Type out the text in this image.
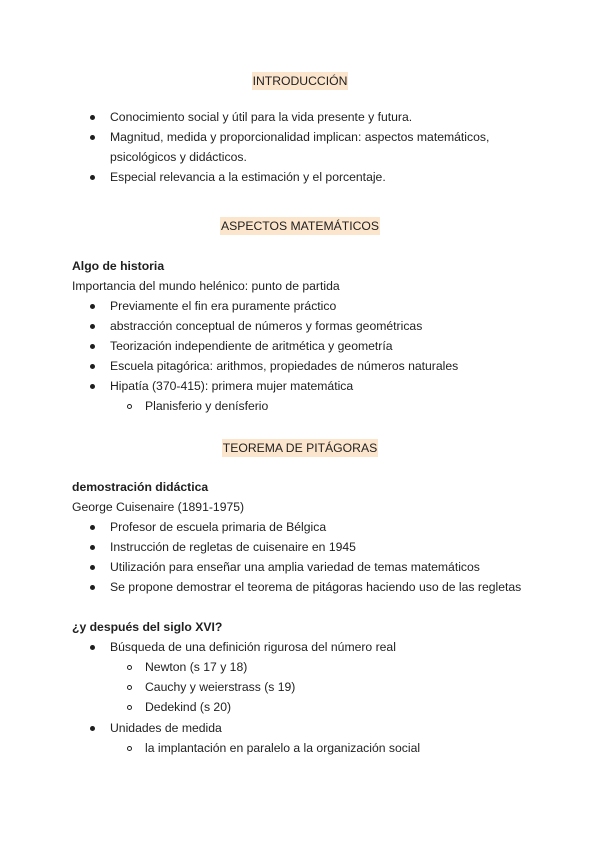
INTRODUCCIÓN
Conocimiento social y útil para la vida presente y futura.
Magnitud, medida y proporcionalidad implican: aspectos matemáticos,
psicológicos y didácticos.
Especial relevancia a la estimación y el porcentaje.
ASPECTOS MATEMÁTICOS
Algo de historia
Importancia del mundo helénico: punto de partida
Previamente el fin era puramente práctico
abstracción conceptual de números y formas geométricas
Teorización independiente de aritmética y geometría
Escuela pitagórica: arithmos, propiedades de números naturales
Hipatía (370-415): primera mujer matemática
Planisferio y denísferio
TEOREMA DE PITÁGORAS
demostración didáctica
George Cuisenaire (1891-1975)
Profesor de escuela primaria de Bélgica
Instrucción de regletas de cuisenaire en 1945
Utilización para enseñar una amplia variedad de temas matemáticos
Se propone demostrar el teorema de pitágoras haciendo uso de las regletas
¿y después del siglo XVI?
Búsqueda de una definición rigurosa del número real
Newton (s 17 y 18)
Cauchy y weierstrass (s 19)
Dedekind (s 20)
Unidades de medida
la implantación en paralelo a la organización social
